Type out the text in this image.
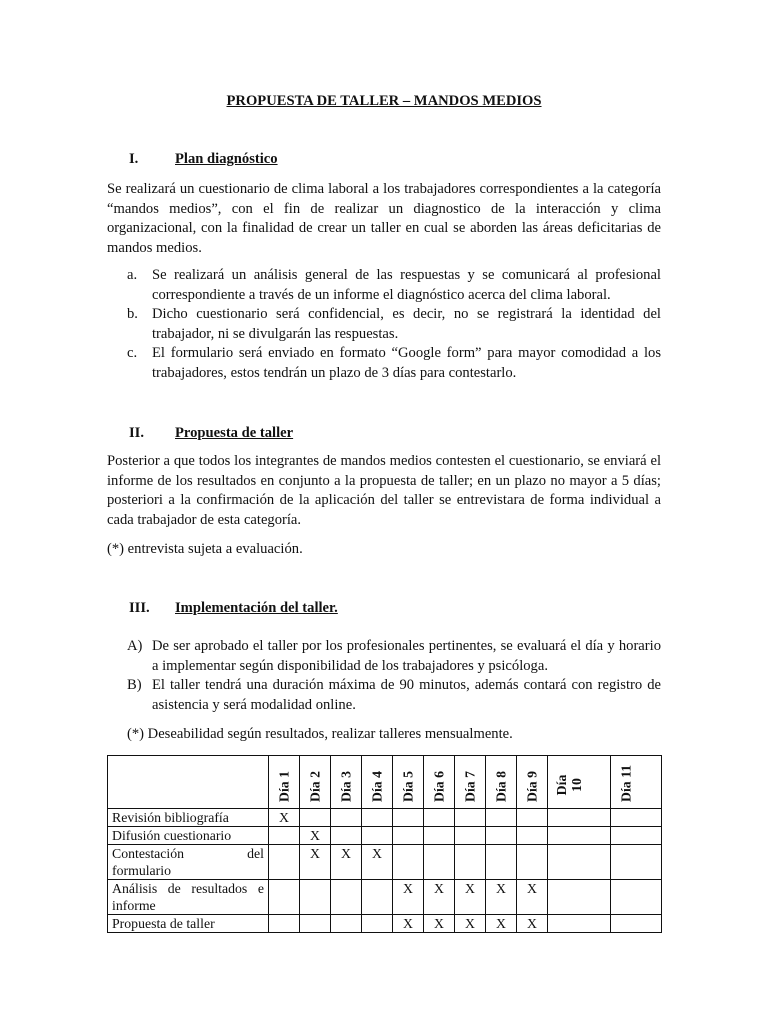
PROPUESTA DE TALLER – MANDOS MEDIOS
I.	Plan diagnóstico
Se realizará un cuestionario de clima laboral a los trabajadores correspondientes a la categoría “mandos medios”, con el fin de realizar un diagnostico de la interacción y clima organizacional, con la finalidad de crear un taller en cual se aborden las áreas deficitarias de mandos medios.
a. Se realizará un análisis general de las respuestas y se comunicará al profesional correspondiente a través de un informe el diagnóstico acerca del clima laboral.
b. Dicho cuestionario será confidencial, es decir, no se registrará la identidad del trabajador, ni se divulgarán las respuestas.
c. El formulario será enviado en formato “Google form” para mayor comodidad a los trabajadores, estos tendrán un plazo de 3 días para contestarlo.
II. Propuesta de taller
Posterior a que todos los integrantes de mandos medios contesten el cuestionario, se enviará el informe de los resultados en conjunto a la propuesta de taller; en un plazo no mayor a 5 días; posteriori a la confirmación de la aplicación del taller se entrevistara de forma individual a cada trabajador de esta categoría.
(*) entrevista sujeta a evaluación.
III. Implementación del taller.
A) De ser aprobado el taller por los profesionales pertinentes, se evaluará el día y horario a implementar según disponibilidad de los trabajadores y psicóloga.
B) El taller tendrá una duración máxima de 90 minutos, además contará con registro de asistencia y será modalidad online.
(*) Deseabilidad según resultados, realizar talleres mensualmente.

	Día 1	Día 2	Día 3	Día 4	Día 5	Día 6	Día 7	Día 8	Día 9	Día 10	Día 11

Revisión bibliografía	X										
Difusión cuestionario		X									
Contestación del formulario		X	X	X							
Análisis de resultados e informe					X	X	X	X	X		
Propuesta de taller					X	X	X	X	X		
